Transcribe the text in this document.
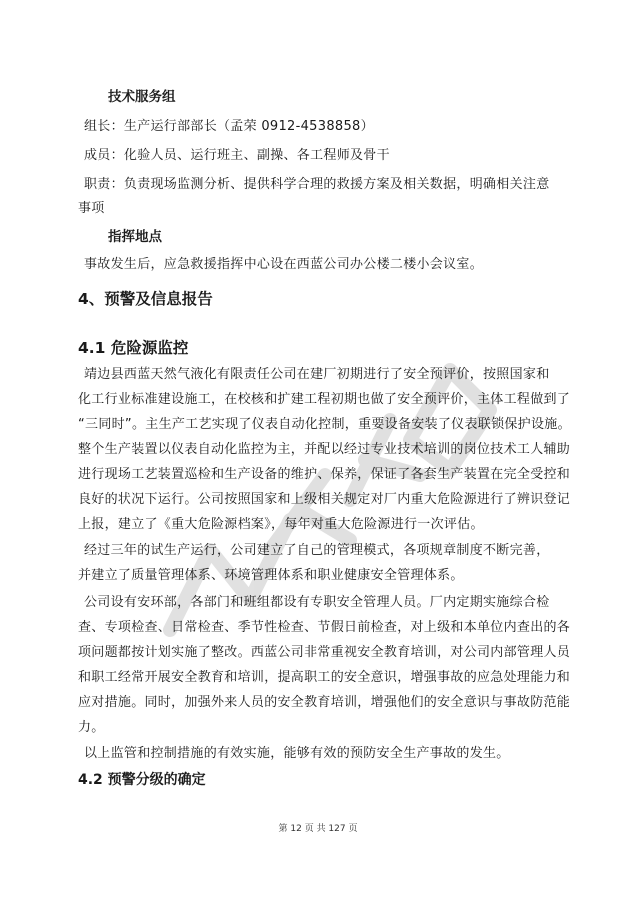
技术服务组
组长：生产运行部部长（孟荣 0912-4538858）
成员：化验人员、运行班主、副操、各工程师及骨干
职责：负责现场监测分析、提供科学合理的救援方案及相关数据，明确相关注意
事项
指挥地点
事故发生后，应急救援指挥中心设在西蓝公司办公楼二楼小会议室。
4、预警及信息报告
4.1 危险源监控
靖边县西蓝天然气液化有限责任公司在建厂初期进行了安全预评价，按照国家和
化工行业标准建设施工，在校核和扩建工程初期也做了安全预评价，主体工程做到了
“三同时”。主生产工艺实现了仪表自动化控制，重要设备安装了仪表联锁保护设施。
整个生产装置以仪表自动化监控为主，并配以经过专业技术培训的岗位技术工人辅助
进行现场工艺装置巡检和生产设备的维护、保养，保证了各套生产装置在完全受控和
良好的状况下运行。公司按照国家和上级相关规定对厂内重大危险源进行了辨识登记
上报，建立了《重大危险源档案》，每年对重大危险源进行一次评估。
经过三年的试生产运行，公司建立了自己的管理模式，各项规章制度不断完善，
并建立了质量管理体系、环境管理体系和职业健康安全管理体系。
公司设有安环部，各部门和班组都设有专职安全管理人员。厂内定期实施综合检
查、专项检查、日常检查、季节性检查、节假日前检查，对上级和本单位内查出的各
项问题都按计划实施了整改。西蓝公司非常重视安全教育培训，对公司内部管理人员
和职工经常开展安全教育和培训，提高职工的安全意识，增强事故的应急处理能力和
应对措施。同时，加强外来人员的安全教育培训，增强他们的安全意识与事故防范能
力。
以上监管和控制措施的有效实施，能够有效的预防安全生产事故的发生。
4.2 预警分级的确定
第 12 页 共 127 页
